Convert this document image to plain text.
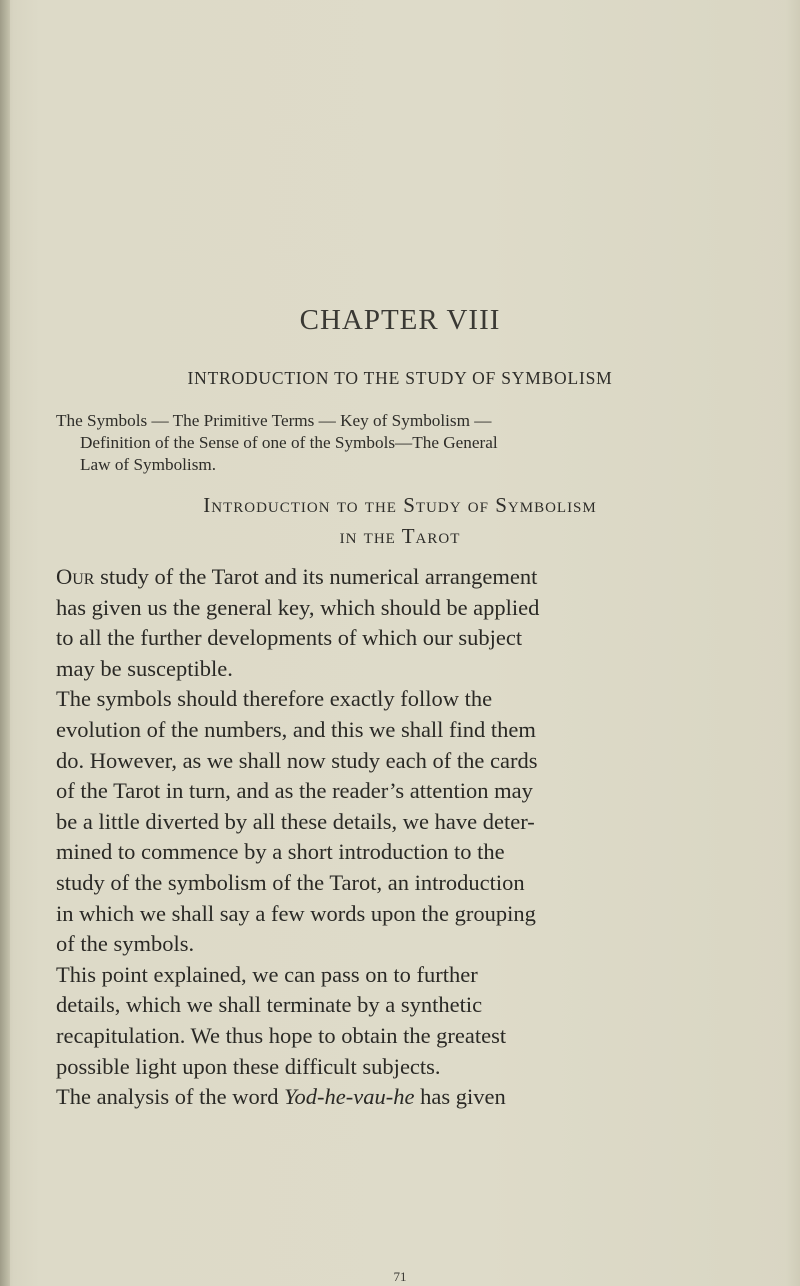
CHAPTER VIII
INTRODUCTION TO THE STUDY OF SYMBOLISM
The Symbols — The Primitive Terms — Key of Symbolism —
Definition of the Sense of one of the Symbols—The General
Law of Symbolism.
Introduction to the Study of Symbolism
in the Tarot
Our study of the Tarot and its numerical arrangement
has given us the general key, which should be applied
to all the further developments of which our subject
may be susceptible.
The symbols should therefore exactly follow the
evolution of the numbers, and this we shall find them
do. However, as we shall now study each of the cards
of the Tarot in turn, and as the reader’s attention may
be a little diverted by all these details, we have deter-
mined to commence by a short introduction to the
study of the symbolism of the Tarot, an introduction
in which we shall say a few words upon the grouping
of the symbols.
This point explained, we can pass on to further
details, which we shall terminate by a synthetic
recapitulation. We thus hope to obtain the greatest
possible light upon these difficult subjects.
The analysis of the word Yod-he-vau-he has given
71
